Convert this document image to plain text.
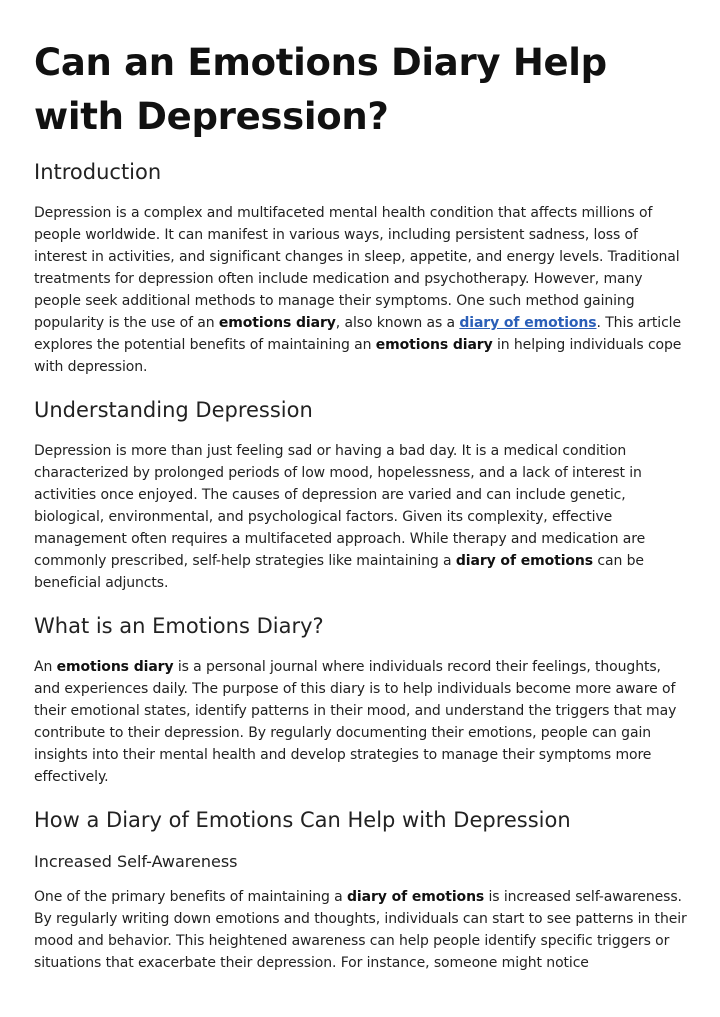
Can an Emotions Diary Help with Depression?
Introduction

Depression is a complex and multifaceted mental health condition that affects millions of people worldwide. It can manifest in various ways, including persistent sadness, loss of interest in activities, and significant changes in sleep, appetite, and energy levels. Traditional treatments for depression often include medication and psychotherapy. However, many people seek additional methods to manage their symptoms. One such method gaining popularity is the use of an emotions diary, also known as a diary of emotions. This article explores the potential benefits of maintaining an emotions diary in helping individuals cope with depression.

Understanding Depression

Depression is more than just feeling sad or having a bad day. It is a medical condition characterized by prolonged periods of low mood, hopelessness, and a lack of interest in activities once enjoyed. The causes of depression are varied and can include genetic, biological, environmental, and psychological factors. Given its complexity, effective management often requires a multifaceted approach. While therapy and medication are commonly prescribed, self-help strategies like maintaining a diary of emotions can be beneficial adjuncts.

What is an Emotions Diary?

An emotions diary is a personal journal where individuals record their feelings, thoughts, and experiences daily. The purpose of this diary is to help individuals become more aware of their emotional states, identify patterns in their mood, and understand the triggers that may contribute to their depression. By regularly documenting their emotions, people can gain insights into their mental health and develop strategies to manage their symptoms more effectively.

How a Diary of Emotions Can Help with Depression
Increased Self-Awareness

One of the primary benefits of maintaining a diary of emotions is increased self-awareness. By regularly writing down emotions and thoughts, individuals can start to see patterns in their mood and behavior. This heightened awareness can help people identify specific triggers or situations that exacerbate their depression. For instance, someone might notice
